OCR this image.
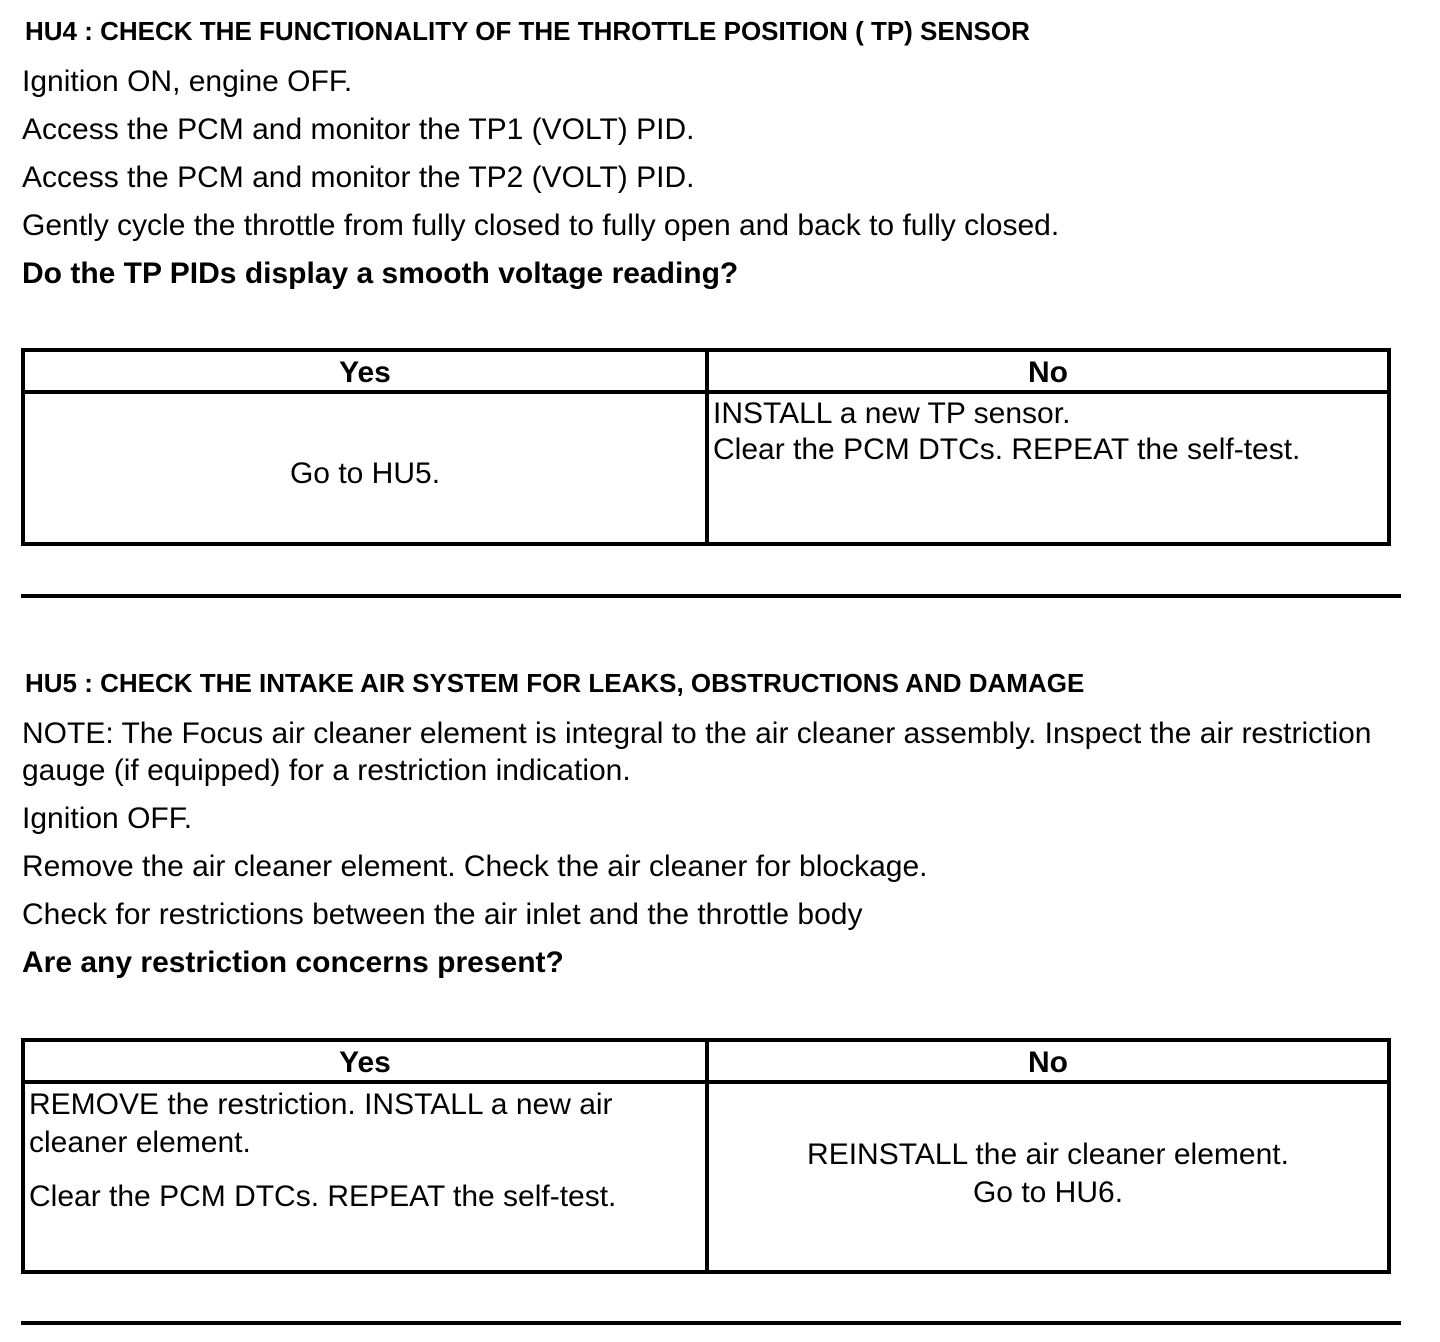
HU4 : CHECK THE FUNCTIONALITY OF THE THROTTLE POSITION ( TP) SENSOR
Ignition ON, engine OFF.
Access the PCM and monitor the TP1 (VOLT) PID.
Access the PCM and monitor the TP2 (VOLT) PID.
Gently cycle the throttle from fully closed to fully open and back to fully closed.
Do the TP PIDs display a smooth voltage reading?
Yes	No
Go to HU5.
INSTALL a new TP sensor.
Clear the PCM DTCs. REPEAT the self-test.
HU5 : CHECK THE INTAKE AIR SYSTEM FOR LEAKS, OBSTRUCTIONS AND DAMAGE
NOTE: The Focus air cleaner element is integral to the air cleaner assembly. Inspect the air restriction gauge (if equipped) for a restriction indication.
Ignition OFF.
Remove the air cleaner element. Check the air cleaner for blockage.
Check for restrictions between the air inlet and the throttle body
Are any restriction concerns present?
Yes	No
REMOVE the restriction. INSTALL a new air
cleaner element.
Clear the PCM DTCs. REPEAT the self-test.
REINSTALL the air cleaner element.
Go to HU6.
